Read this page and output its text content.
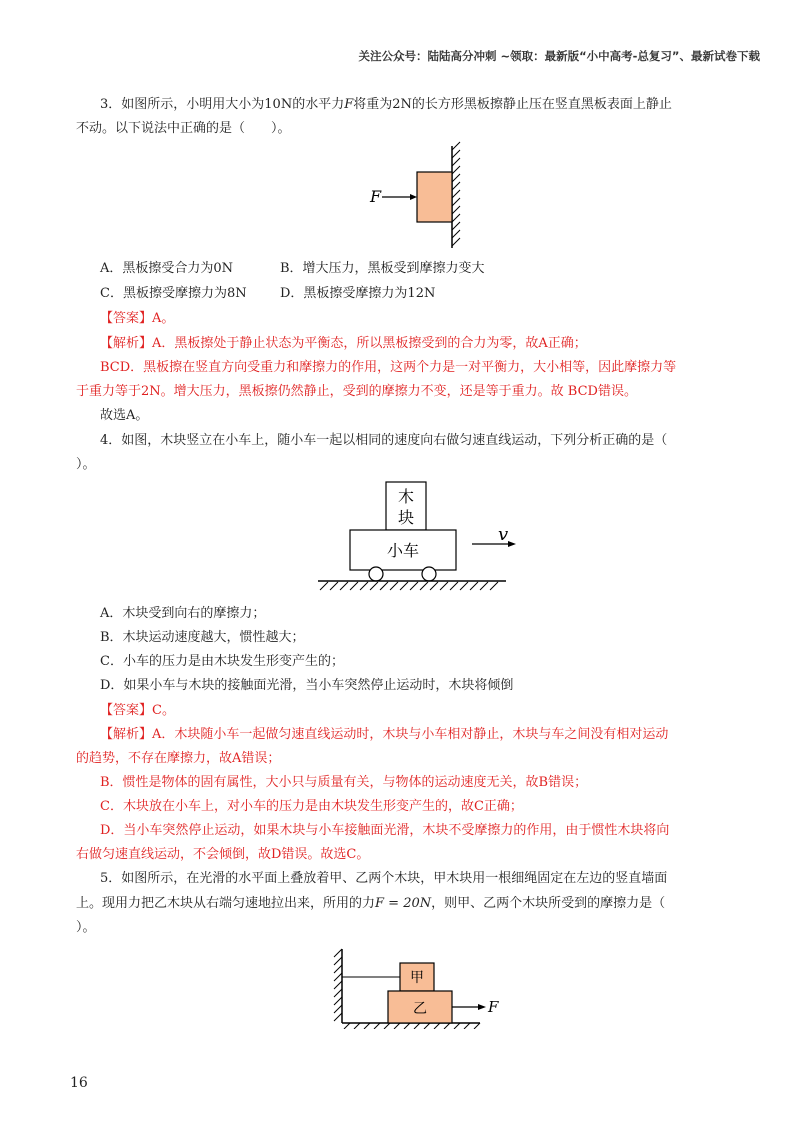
关注公众号：陆陆高分冲刺 ~领取：最新版“小中高考-总复习”、最新试卷下载
3．如图所示，小明用大小为10N的水平力F将重为2N的长方形黑板擦静止压在竖直黑板表面上静止
不动。以下说法中正确的是（　　）。
F
A．黑板擦受合力为0N	B．增大压力，黑板受到摩擦力变大
C．黑板擦受摩擦力为8N	D．黑板擦受摩擦力为12N
【答案】A。
【解析】A．黑板擦处于静止状态为平衡态，所以黑板擦受到的合力为零，故A正确；
BCD．黑板擦在竖直方向受重力和摩擦力的作用，这两个力是一对平衡力，大小相等，因此摩擦力等
于重力等于2N。增大压力，黑板擦仍然静止，受到的摩擦力不变，还是等于重力。故 BCD错误。
故选A。
4．如图，木块竖立在小车上，随小车一起以相同的速度向右做匀速直线运动，下列分析正确的是（
）。
木
块
小车
v
A．木块受到向右的摩擦力；
B．木块运动速度越大，惯性越大；
C．小车的压力是由木块发生形变产生的；
D．如果小车与木块的接触面光滑，当小车突然停止运动时，木块将倾倒
【答案】C。
【解析】A．木块随小车一起做匀速直线运动时，木块与小车相对静止，木块与车之间没有相对运动
的趋势，不存在摩擦力，故A错误；
B．惯性是物体的固有属性，大小只与质量有关，与物体的运动速度无关，故B错误；
C．木块放在小车上，对小车的压力是由木块发生形变产生的，故C正确；
D．当小车突然停止运动，如果木块与小车接触面光滑，木块不受摩擦力的作用，由于惯性木块将向
右做匀速直线运动，不会倾倒，故D错误。故选C。
5．如图所示，在光滑的水平面上叠放着甲、乙两个木块，甲木块用一根细绳固定在左边的竖直墙面
上。现用力把乙木块从右端匀速地拉出来，所用的力F = 20N，则甲、乙两个木块所受到的摩擦力是（
）。
甲
乙	F
16
